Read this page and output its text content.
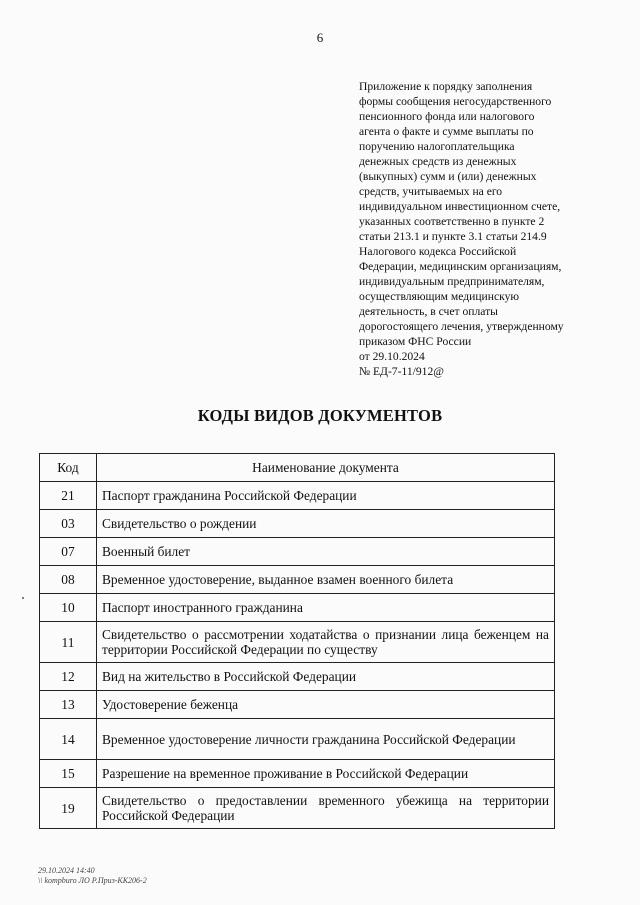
6
Приложение к порядку заполнения
формы сообщения негосударственного
пенсионного фонда или налогового
агента о факте и сумме выплаты по
поручению налогоплательщика
денежных средств из денежных
(выкупных) сумм и (или) денежных
средств, учитываемых на его
индивидуальном инвестиционном счете,
указанных соответственно в пункте 2
статьи 213.1 и пункте 3.1 статьи 214.9
Налогового кодекса Российской
Федерации, медицинским организациям,
индивидуальным предпринимателям,
осуществляющим медицинскую
деятельность, в счет оплаты
дорогостоящего лечения, утвержденному
приказом ФНС России
от 29.10.2024
№ ЕД-7-11/912@
КОДЫ ВИДОВ ДОКУМЕНТОВ
Код	Наименование документа
21	Паспорт гражданина Российской Федерации
03	Свидетельство о рождении
07	Военный билет
08	Временное удостоверение, выданное взамен военного билета
10	Паспорт иностранного гражданина
11	Свидетельство о рассмотрении ходатайства о признании лица беженцем на территории Российской Федерации по существу
12	Вид на жительство в Российской Федерации
13	Удостоверение беженца
14	Временное удостоверение личности гражданина Российской Федерации
15	Разрешение на временное проживание в Российской Федерации
19	Свидетельство о предоставлении временного убежища на территории Российской Федерации
29.10.2024 14:40
\\ kompburo ЛО Р.Приз-КК206-2
